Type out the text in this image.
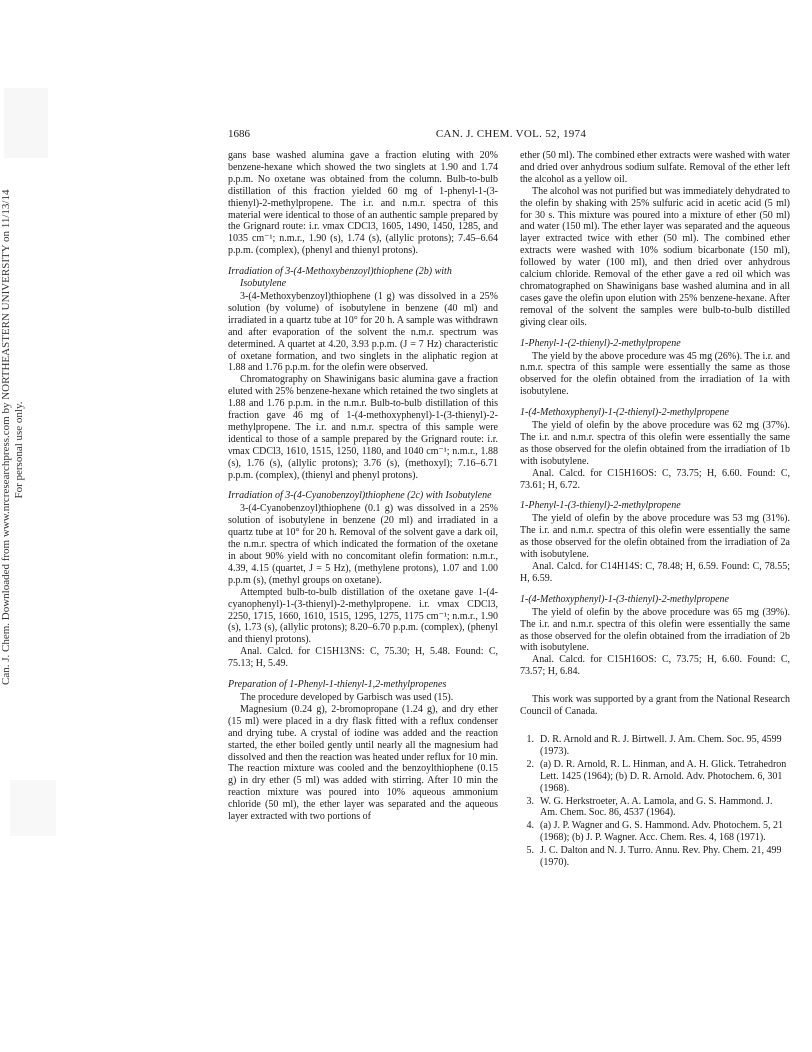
Can. J. Chem. Downloaded from www.nrcresearchpress.com by NORTHEASTERN UNIVERSITY on 11/13/14 For personal use only.
1686	CAN. J. CHEM. VOL. 52, 1974

gans base washed alumina gave a fraction eluting with 20% benzene-hexane which showed the two singlets at 1.90 and 1.74 p.p.m. No oxetane was obtained from the column. Bulb-to-bulb distillation of this fraction yielded 60 mg of 1-phenyl-1-(3-thienyl)-2-methylpropene. The i.r. and n.m.r. spectra of this material were identical to those of an authentic sample prepared by the Grignard route: i.r. νmax CDCl3, 1605, 1490, 1450, 1285, and 1035 cm⁻¹; n.m.r., 1.90 (s), 1.74 (s), (allylic protons); 7.45–6.64 p.p.m. (complex), (phenyl and thienyl protons).

Irradiation of 3-(4-Methoxybenzoyl)thiophene (2b) with Isobutylene

3-(4-Methoxybenzoyl)thiophene (1 g) was dissolved in a 25% solution (by volume) of isobutylene in benzene (40 ml) and irradiated in a quartz tube at 10° for 20 h. A sample was withdrawn and after evaporation of the solvent the n.m.r. spectrum was determined. A quartet at 4.20, 3.93 p.p.m. (J = 7 Hz) characteristic of oxetane formation, and two singlets in the aliphatic region at 1.88 and 1.76 p.p.m. for the olefin were observed.

Chromatography on Shawinigans basic alumina gave a fraction eluted with 25% benzene-hexane which retained the two singlets at 1.88 and 1.76 p.p.m. in the n.m.r. Bulb-to-bulb distillation of this fraction gave 46 mg of 1-(4-methoxyphenyl)-1-(3-thienyl)-2-methylpropene. The i.r. and n.m.r. spectra of this sample were identical to those of a sample prepared by the Grignard route: i.r. νmax CDCl3, 1610, 1515, 1250, 1180, and 1040 cm⁻¹; n.m.r., 1.88 (s), 1.76 (s), (allylic protons); 3.76 (s), (methoxyl); 7.16–6.71 p.p.m. (complex), (thienyl and phenyl protons).

Irradiation of 3-(4-Cyanobenzoyl)thiophene (2c) with Isobutylene

3-(4-Cyanobenzoyl)thiophene (0.1 g) was dissolved in a 25% solution of isobutylene in benzene (20 ml) and irradiated in a quartz tube at 10° for 20 h. Removal of the solvent gave a dark oil, the n.m.r. spectra of which indicated the formation of the oxetane in about 90% yield with no concomitant olefin formation: n.m.r., 4.39, 4.15 (quartet, J = 5 Hz), (methylene protons), 1.07 and 1.00 p.p.m (s), (methyl groups on oxetane).

Attempted bulb-to-bulb distillation of the oxetane gave 1-(4-cyanophenyl)-1-(3-thienyl)-2-methylpropene. i.r. νmax CDCl3, 2250, 1715, 1660, 1610, 1515, 1295, 1275, 1175 cm⁻¹; n.m.r., 1.90 (s), 1.73 (s), (allylic protons); 8.20–6.70 p.p.m. (complex), (phenyl and thienyl protons).

Anal. Calcd. for C15H13NS: C, 75.30; H, 5.48. Found: C, 75.13; H, 5.49.

Preparation of 1-Phenyl-1-thienyl-1,2-methylpropenes

The procedure developed by Garbisch was used (15).

Magnesium (0.24 g), 2-bromopropane (1.24 g), and dry ether (15 ml) were placed in a dry flask fitted with a reflux condenser and drying tube. A crystal of iodine was added and the reaction started, the ether boiled gently until nearly all the magnesium had dissolved and then the reaction was heated under reflux for 10 min. The reaction mixture was cooled and the benzoylthiophene (0.15 g) in dry ether (5 ml) was added with stirring. After 10 min the reaction mixture was poured into 10% aqueous ammonium chloride (50 ml), the ether layer was separated and the aqueous layer extracted with two portions of

ether (50 ml). The combined ether extracts were washed with water and dried over anhydrous sodium sulfate. Removal of the ether left the alcohol as a yellow oil.

The alcohol was not purified but was immediately dehydrated to the olefin by shaking with 25% sulfuric acid in acetic acid (5 ml) for 30 s. This mixture was poured into a mixture of ether (50 ml) and water (150 ml). The ether layer was separated and the aqueous layer extracted twice with ether (50 ml). The combined ether extracts were washed with 10% sodium bicarbonate (150 ml), followed by water (100 ml), and then dried over anhydrous calcium chloride. Removal of the ether gave a red oil which was chromatographed on Shawinigans base washed alumina and in all cases gave the olefin upon elution with 25% benzene-hexane. After removal of the solvent the samples were bulb-to-bulb distilled giving clear oils.

1-Phenyl-1-(2-thienyl)-2-methylpropene

The yield by the above procedure was 45 mg (26%). The i.r. and n.m.r. spectra of this sample were essentially the same as those observed for the olefin obtained from the irradiation of 1a with isobutylene.

1-(4-Methoxyphenyl)-1-(2-thienyl)-2-methylpropene

The yield of olefin by the above procedure was 62 mg (37%). The i.r. and n.m.r. spectra of this olefin were essentially the same as those observed for the olefin obtained from the irradiation of 1b with isobutylene.

Anal. Calcd. for C15H16OS: C, 73.75; H, 6.60. Found: C, 73.61; H, 6.72.

1-Phenyl-1-(3-thienyl)-2-methylpropene

The yield of olefin by the above procedure was 53 mg (31%). The i.r. and n.m.r. spectra of this olefin were essentially the same as those observed for the olefin obtained from the irradiation of 2a with isobutylene.

Anal. Calcd. for C14H14S: C, 78.48; H, 6.59. Found: C, 78.55; H, 6.59.

1-(4-Methoxyphenyl)-1-(3-thienyl)-2-methylpropene

The yield of olefin by the above procedure was 65 mg (39%). The i.r. and n.m.r. spectra of this olefin were essentially the same as those observed for the olefin obtained from the irradiation of 2b with isobutylene.

Anal. Calcd. for C15H16OS: C, 73.75; H, 6.60. Found: C, 73.57; H, 6.84.

This work was supported by a grant from the National Research Council of Canada.

1. D. R. Arnold and R. J. Birtwell. J. Am. Chem. Soc. 95, 4599 (1973).
2. (a) D. R. Arnold, R. L. Hinman, and A. H. Glick. Tetrahedron Lett. 1425 (1964); (b) D. R. Arnold. Adv. Photochem. 6, 301 (1968).
3. W. G. Herkstroeter, A. A. Lamola, and G. S. Hammond. J. Am. Chem. Soc. 86, 4537 (1964).
4. (a) J. P. Wagner and G. S. Hammond. Adv. Photochem. 5, 21 (1968); (b) J. P. Wagner. Acc. Chem. Res. 4, 168 (1971).
5. J. C. Dalton and N. J. Turro. Annu. Rev. Phy. Chem. 21, 499 (1970).
